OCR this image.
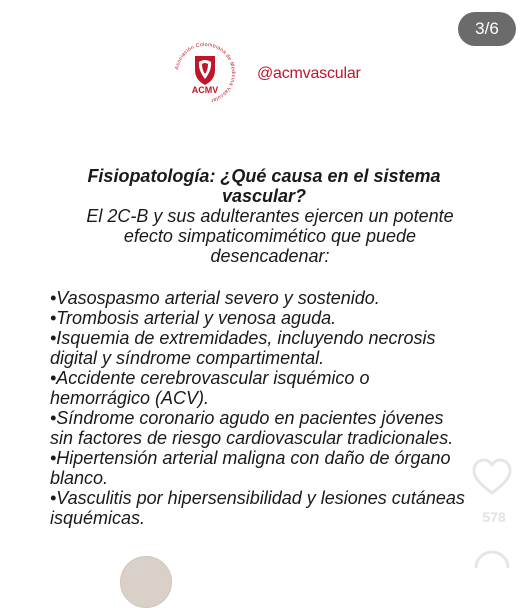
3/6
Asociación Colombiana de Medicina Vascular
ACMV
@acmvascular

Fisiopatología: ¿Qué causa en el sistema vascular?

El 2C-B y sus adulterantes ejercen un potente efecto simpaticomimético que puede desencadenar:

•Vasospasmo arterial severo y sostenido.

•Trombosis arterial y venosa aguda.

•Isquemia de extremidades, incluyendo necrosis digital y síndrome compartimental.

•Accidente cerebrovascular isquémico o hemorrágico (ACV).

•Síndrome coronario agudo en pacientes jóvenes sin factores de riesgo cardiovascular tradicionales.

•Hipertensión arterial maligna con daño de órgano blanco.

•Vasculitis por hipersensibilidad y lesiones cutáneas isquémicas.	578
